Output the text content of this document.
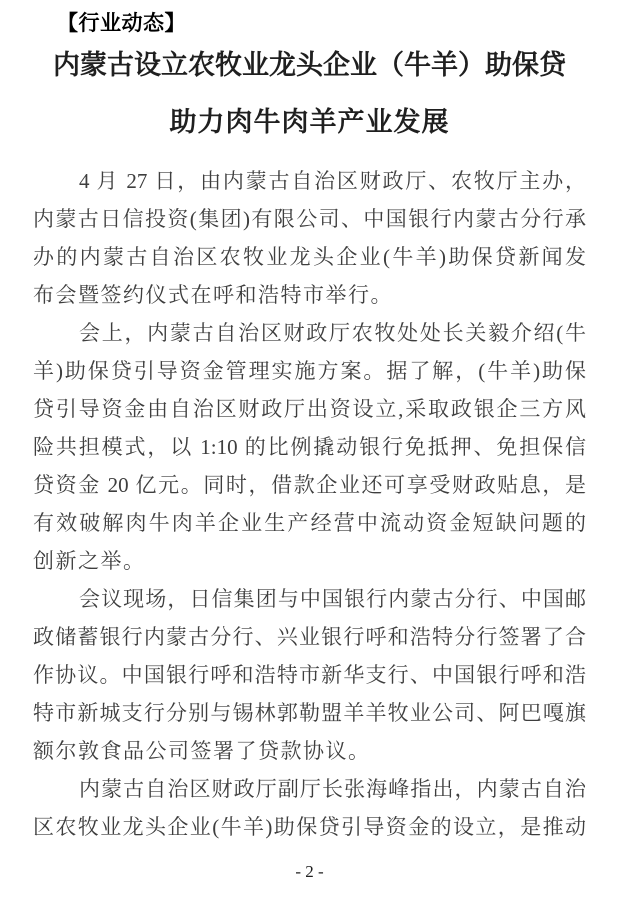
【行业动态】
内蒙古设立农牧业龙头企业（牛羊）助保贷
助力肉牛肉羊产业发展
4 月 27 日，由内蒙古自治区财政厅、农牧厅主办，
内蒙古日信投资(集团)有限公司、中国银行内蒙古分行承
办的内蒙古自治区农牧业龙头企业(牛羊)助保贷新闻发
布会暨签约仪式在呼和浩特市举行。
会上，内蒙古自治区财政厅农牧处处长关毅介绍(牛
羊)助保贷引导资金管理实施方案。据了解，(牛羊)助保
贷引导资金由自治区财政厅出资设立,采取政银企三方风
险共担模式，以 1:10 的比例撬动银行免抵押、免担保信
贷资金 20 亿元。同时，借款企业还可享受财政贴息，是
有效破解肉牛肉羊企业生产经营中流动资金短缺问题的
创新之举。
会议现场，日信集团与中国银行内蒙古分行、中国邮
政储蓄银行内蒙古分行、兴业银行呼和浩特分行签署了合
作协议。中国银行呼和浩特市新华支行、中国银行呼和浩
特市新城支行分别与锡林郭勒盟羊羊牧业公司、阿巴嘎旗
额尔敦食品公司签署了贷款协议。
内蒙古自治区财政厅副厅长张海峰指出，内蒙古自治
区农牧业龙头企业(牛羊)助保贷引导资金的设立，是推动
- 2 -
